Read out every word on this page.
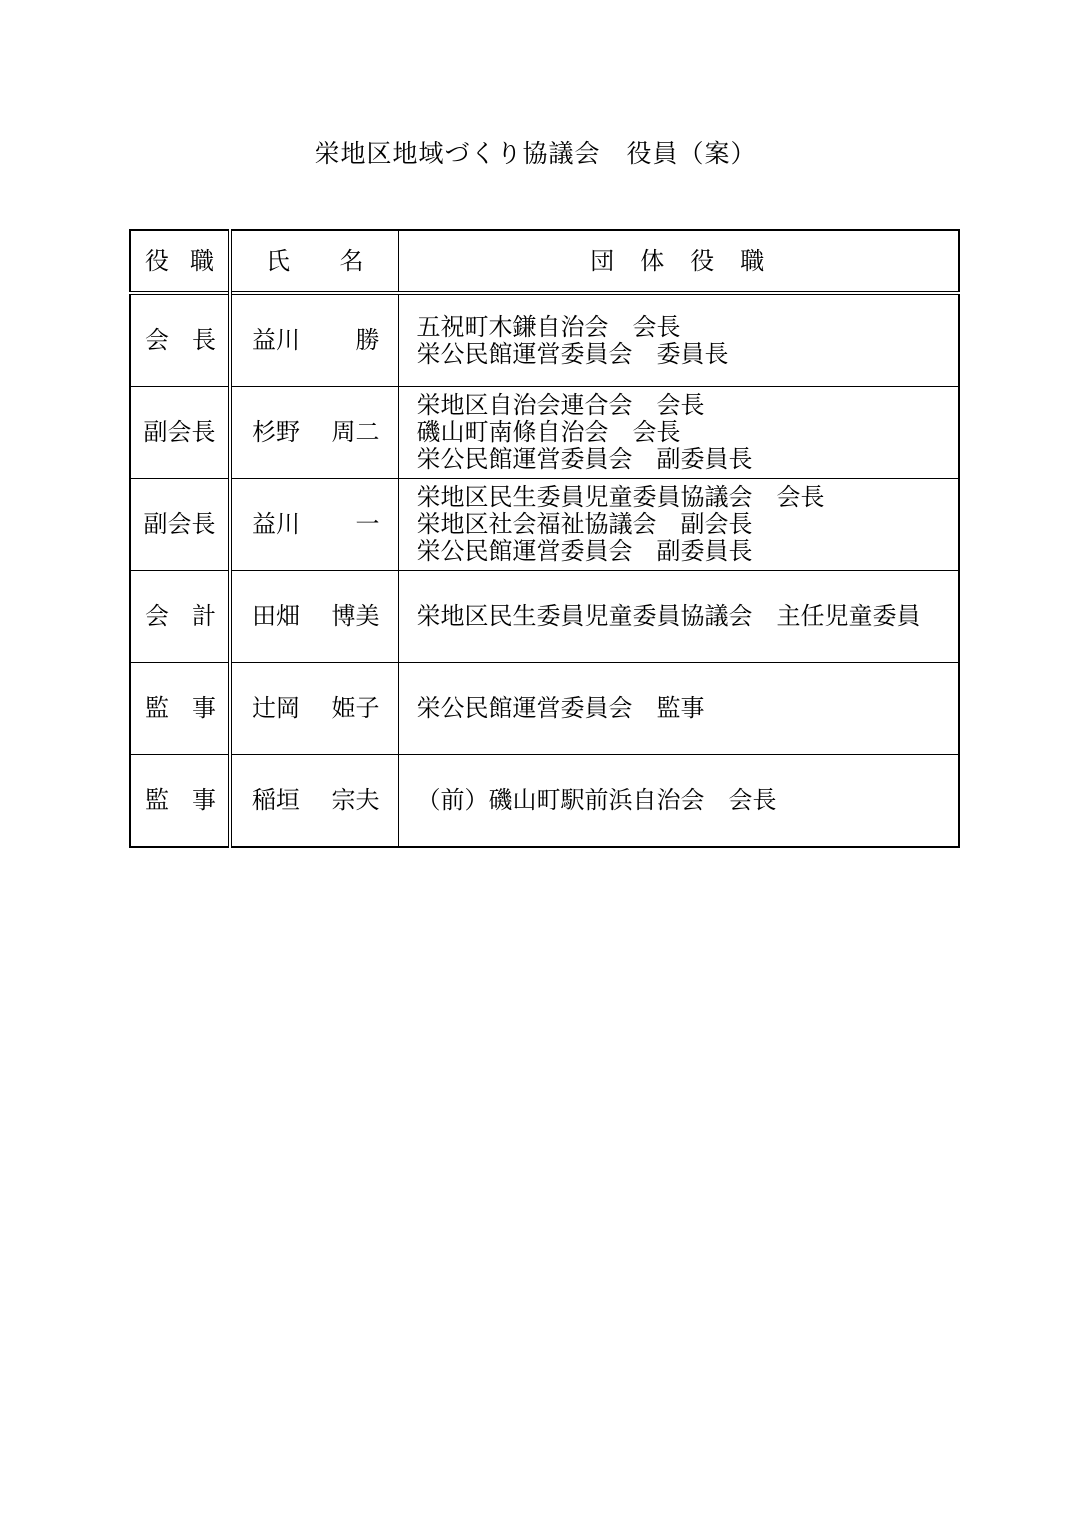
栄地区地域づくり協議会　役員（案）
役 職	氏 名	団 体 役 職

会 長	益川 勝	五祝町木鎌自治会　会長
栄公民館運営委員会　委員長

副会長	杉野 周二	栄地区自治会連合会　会長
磯山町南條自治会　会長
栄公民館運営委員会　副委員長

副会長	益川 一	栄地区民生委員児童委員協議会　会長
栄地区社会福祉協議会　副会長
栄公民館運営委員会　副委員長

会 計	田畑 博美	栄地区民生委員児童委員協議会　主任児童委員

監 事	辻岡 姫子	栄公民館運営委員会　監事

監 事	稲垣 宗夫	（前）磯山町駅前浜自治会　会長
